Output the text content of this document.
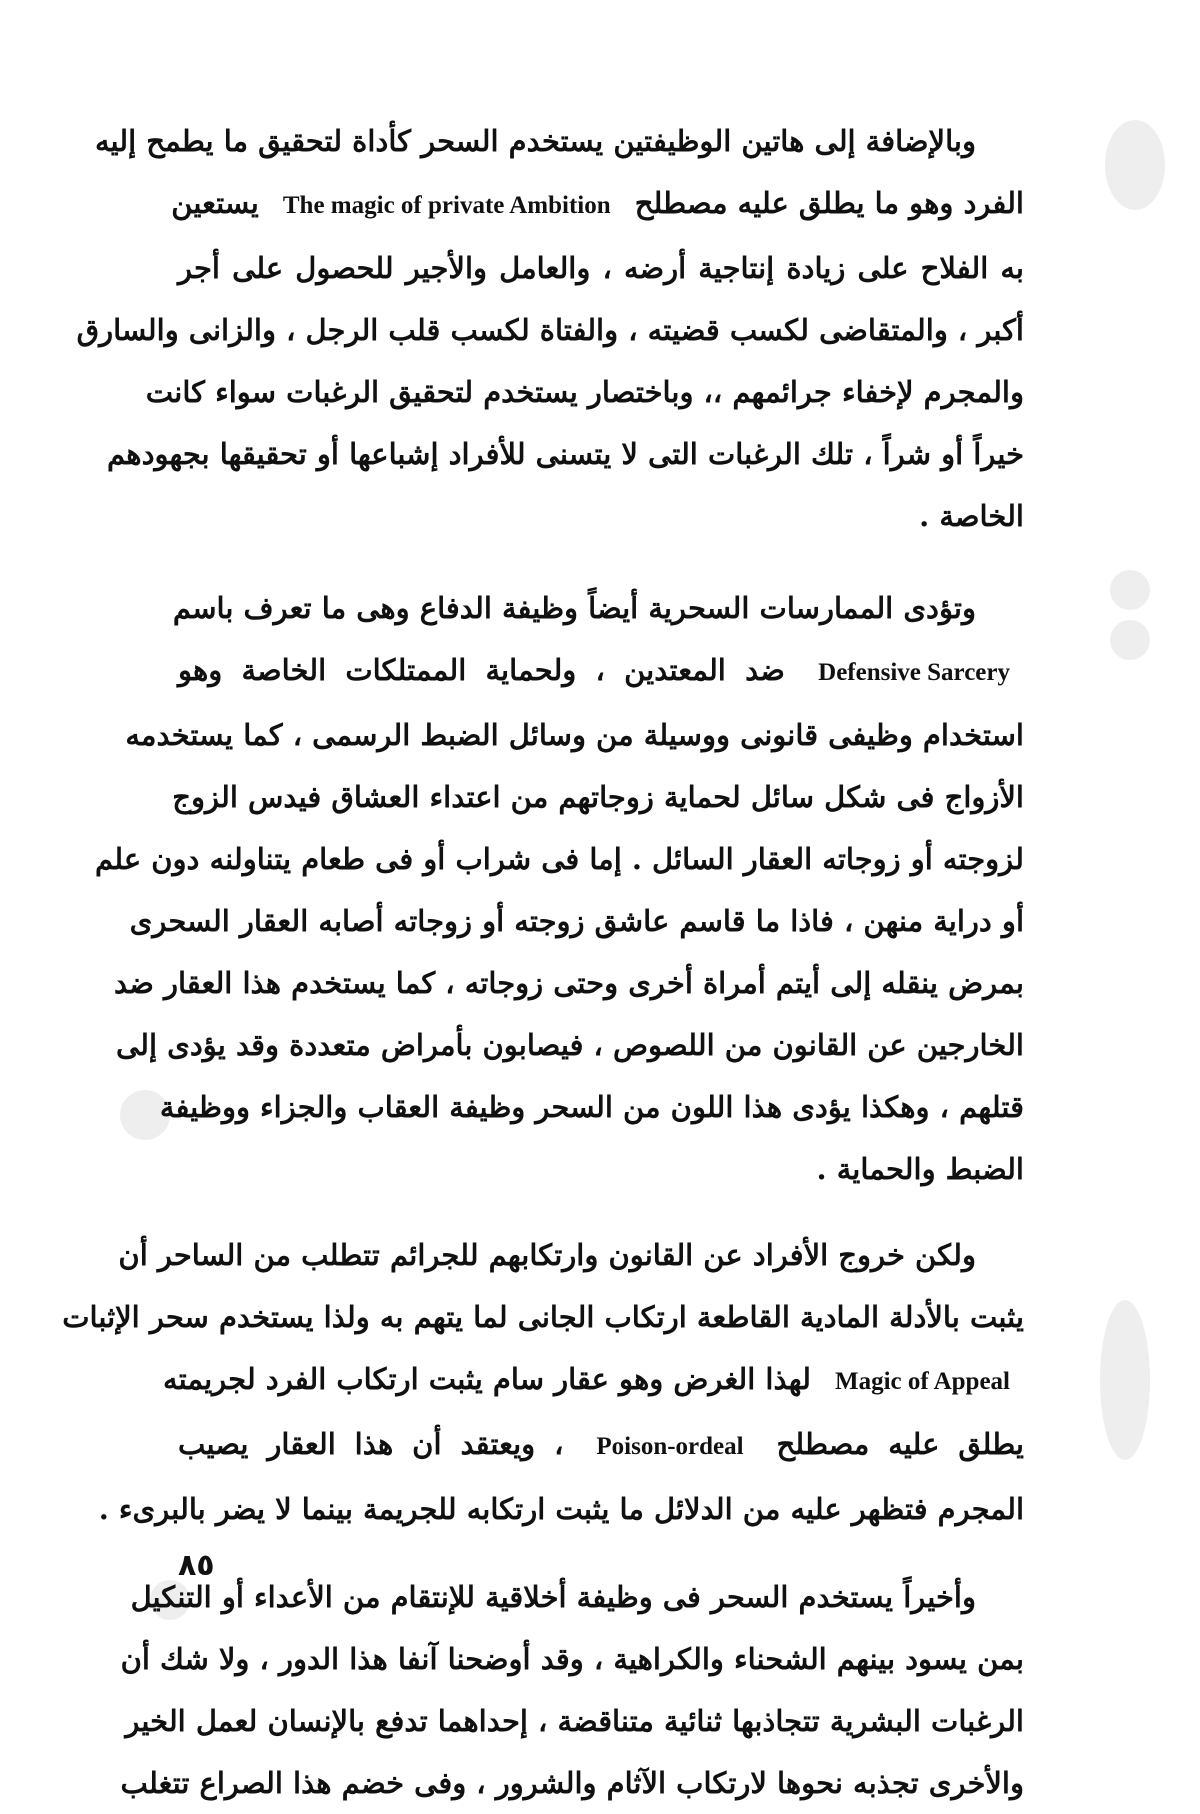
وبالإضافة إلى هاتين الوظيفتين يستخدم السحر كأداة لتحقيق ما يطمح إليه
الفرد وهو ما يطلق عليه مصطلح The magic of private Ambition يستعين
به الفلاح على زيادة إنتاجية أرضه ، والعامل والأجير للحصول على أجر
أكبر ، والمتقاضى لكسب قضيته ، والفتاة لكسب قلب الرجل ، والزانى والسارق
والمجرم لإخفاء جرائمهم ،، وباختصار يستخدم لتحقيق الرغبات سواء كانت
خيراً أو شراً ، تلك الرغبات التى لا يتسنى للأفراد إشباعها أو تحقيقها بجهودهم
الخاصة .
وتؤدى الممارسات السحرية أيضاً وظيفة الدفاع وهى ما تعرف باسم
Defensive Sarcery ضد المعتدين ، ولحماية الممتلكات الخاصة وهو
استخدام وظيفى قانونى ووسيلة من وسائل الضبط الرسمى ، كما يستخدمه
الأزواج فى شكل سائل لحماية زوجاتهم من اعتداء العشاق فيدس الزوج
لزوجته أو زوجاته العقار السائل . إما فى شراب أو فى طعام يتناولنه دون علم
أو دراية منهن ، فاذا ما قاسم عاشق زوجته أو زوجاته أصابه العقار السحرى
بمرض ينقله إلى أيتم أمراة أخرى وحتى زوجاته ، كما يستخدم هذا العقار ضد
الخارجين عن القانون من اللصوص ، فيصابون بأمراض متعددة وقد يؤدى إلى
قتلهم ، وهكذا يؤدى هذا اللون من السحر وظيفة العقاب والجزاء ووظيفة
الضبط والحماية .
ولكن خروج الأفراد عن القانون وارتكابهم للجرائم تتطلب من الساحر أن
يثبت بالأدلة المادية القاطعة ارتكاب الجانى لما يتهم به ولذا يستخدم سحر الإثبات
Magic of Appeal لهذا الغرض وهو عقار سام يثبت ارتكاب الفرد لجريمته
يطلق عليه مصطلح Poison-ordeal ، ويعتقد أن هذا العقار يصيب
المجرم فتظهر عليه من الدلائل ما يثبت ارتكابه للجريمة بينما لا يضر بالبرىء .
وأخيراً يستخدم السحر فى وظيفة أخلاقية للإنتقام من الأعداء أو التنكيل
بمن يسود بينهم الشحناء والكراهية ، وقد أوضحنا آنفا هذا الدور ، ولا شك أن
الرغبات البشرية تتجاذبها ثنائية متناقضة ، إحداهما تدفع بالإنسان لعمل الخير
والأخرى تجذبه نحوها لارتكاب الآثام والشرور ، وفى خضم هذا الصراع تتغلب
٨٥
